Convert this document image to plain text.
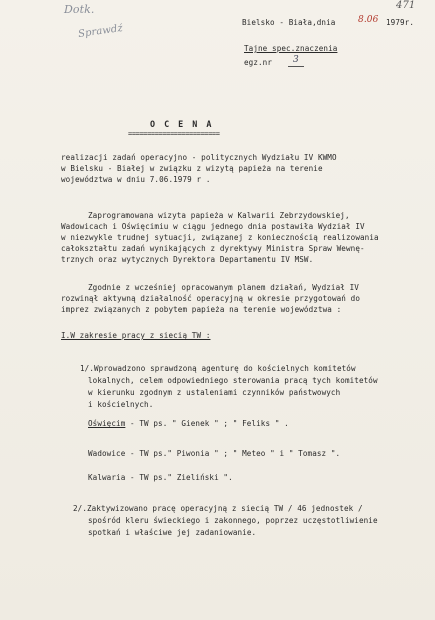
Dotk.
Sprawdź
471
Bielsko - Biała,dnia	8.06 1979r.
Tajne spec.znaczenia
egz.nr	3
O C E N A
========================
realizacji zadań operacyjno - politycznych Wydziału IV KWMO
w Bielsku - Białej w związku z wizytą papieża na terenie
województwa w dniu 7.06.1979 r .
Zaprogramowana wizyta papieża w Kalwarii Zebrzydowskiej,
Wadowicach i Oświęcimiu w ciągu jednego dnia postawiła Wydział IV
w niezwykle trudnej sytuacji, związanej z koniecznością realizowania
całokształtu zadań wynikających z dyrektywy Ministra Spraw Wewnę-
trznych oraz wytycznych Dyrektora Departamentu IV MSW.
Zgodnie z wcześniej opracowanym planem działań, Wydział IV
rozwinął aktywną działalność operacyjną w okresie przygotowań do
imprez związanych z pobytem papieża na terenie województwa :
I.W zakresie pracy z siecią TW :
1/.Wprowadzono sprawdzoną agenturę do kościelnych komitetów
lokalnych, celem odpowiedniego sterowania pracą tych komitetów
w kierunku zgodnym z ustaleniami czynników państwowych
i kościelnych.
Oświęcim - TW ps. " Gienek " ; " Feliks " .
Wadowice - TW ps." Piwonia " ; " Meteo " i " Tomasz ".
Kalwaria - TW ps." Zieliński ".
2/.Zaktywizowano pracę operacyjną z siecią TW / 46 jednostek /
spośród kleru świeckiego i zakonnego, poprzez uczęstotliwienie
spotkań i właściwe jej zadaniowanie.
